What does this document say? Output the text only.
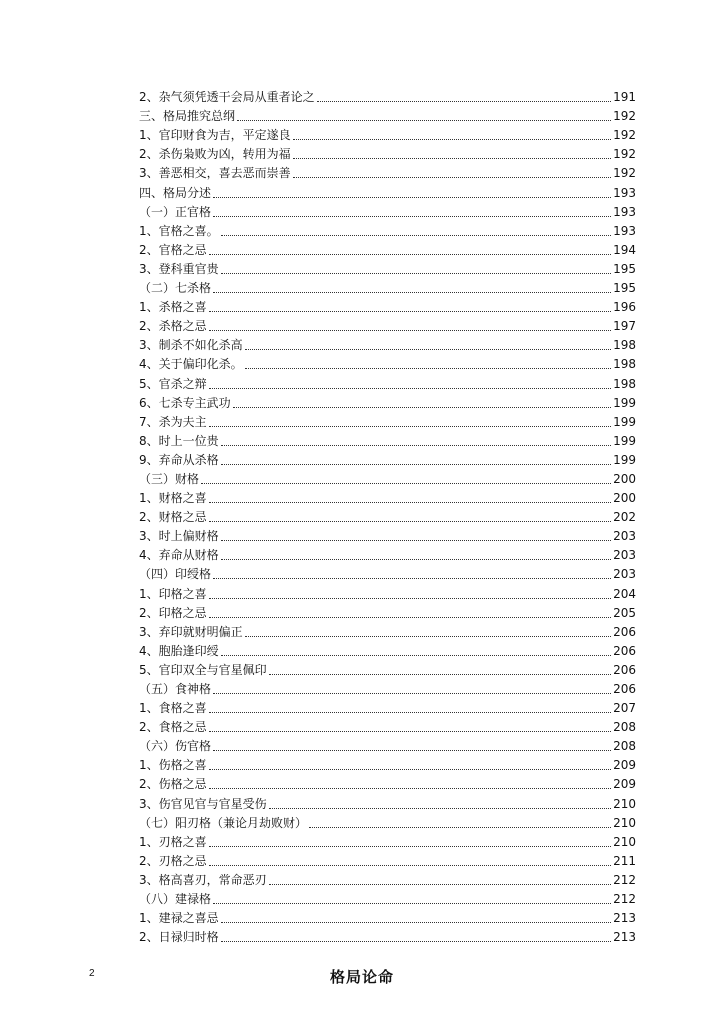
2、杂气须凭透干会局从重者论之	191
三、格局推究总纲	192
1、官印财食为吉，平定遂良	192
2、杀伤枭败为凶，转用为福	192
3、善恶相交，喜去恶而崇善	192
四、格局分述	193
（一）正官格	193
1、官格之喜。	193
2、官格之忌	194
3、登科重官贵	195
（二）七杀格	195
1、杀格之喜	196
2、杀格之忌	197
3、制杀不如化杀高	198
4、关于偏印化杀。	198
5、官杀之辩	198
6、七杀专主武功	199
7、杀为夫主	199
8、时上一位贵	199
9、弃命从杀格	199
（三）财格	200
1、财格之喜	200
2、财格之忌	202
3、时上偏财格	203
4、弃命从财格	203
（四）印绶格	203
1、印格之喜	204
2、印格之忌	205
3、弃印就财明偏正	206
4、胞胎逢印绶	206
5、官印双全与官星佩印	206
（五）食神格	206
1、食格之喜	207
2、食格之忌	208
（六）伤官格	208
1、伤格之喜	209
2、伤格之忌	209
3、伤官见官与官星受伤	210
（七）阳刃格（兼论月劫败财）	210
1、刃格之喜	210
2、刃格之忌	211
3、格高喜刃，常命恶刃	212
（八）建禄格	212
1、建禄之喜忌	213
2、日禄归时格	213
2	格局论命
